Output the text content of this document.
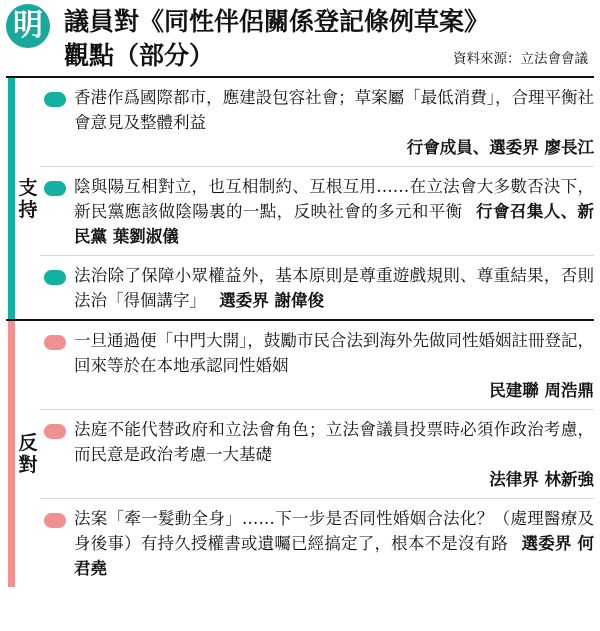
明 議員對《同性伴侶關係登記條例草案》
觀點（部分）	資料來源：立法會會議
支持
香港作爲國際都市，應建設包容社會；草案屬「最低消費」，合理平衡社會意見及整體利益
行會成員、選委界 廖長江
陰與陽互相對立，也互相制約、互根互用……在立法會大多數否決下，新民黨應該做陰陽裏的一點，反映社會的多元和平衡 行會召集人、新民黨 葉劉淑儀
法治除了保障小眾權益外，基本原則是尊重遊戲規則、尊重結果，否則法治「得個講字」 選委界 謝偉俊
反對
一旦通過便「中門大開」，鼓勵市民合法到海外先做同性婚姻註冊登記，回來等於在本地承認同性婚姻
民建聯 周浩鼎
法庭不能代替政府和立法會角色；立法會議員投票時必須作政治考慮，而民意是政治考慮一大基礎
法律界 林新強
法案「牽一髮動全身」……下一步是否同性婚姻合法化？（處理醫療及身後事）有持久授權書或遺囑已經搞定了，根本不是沒有路 選委界 何君堯
